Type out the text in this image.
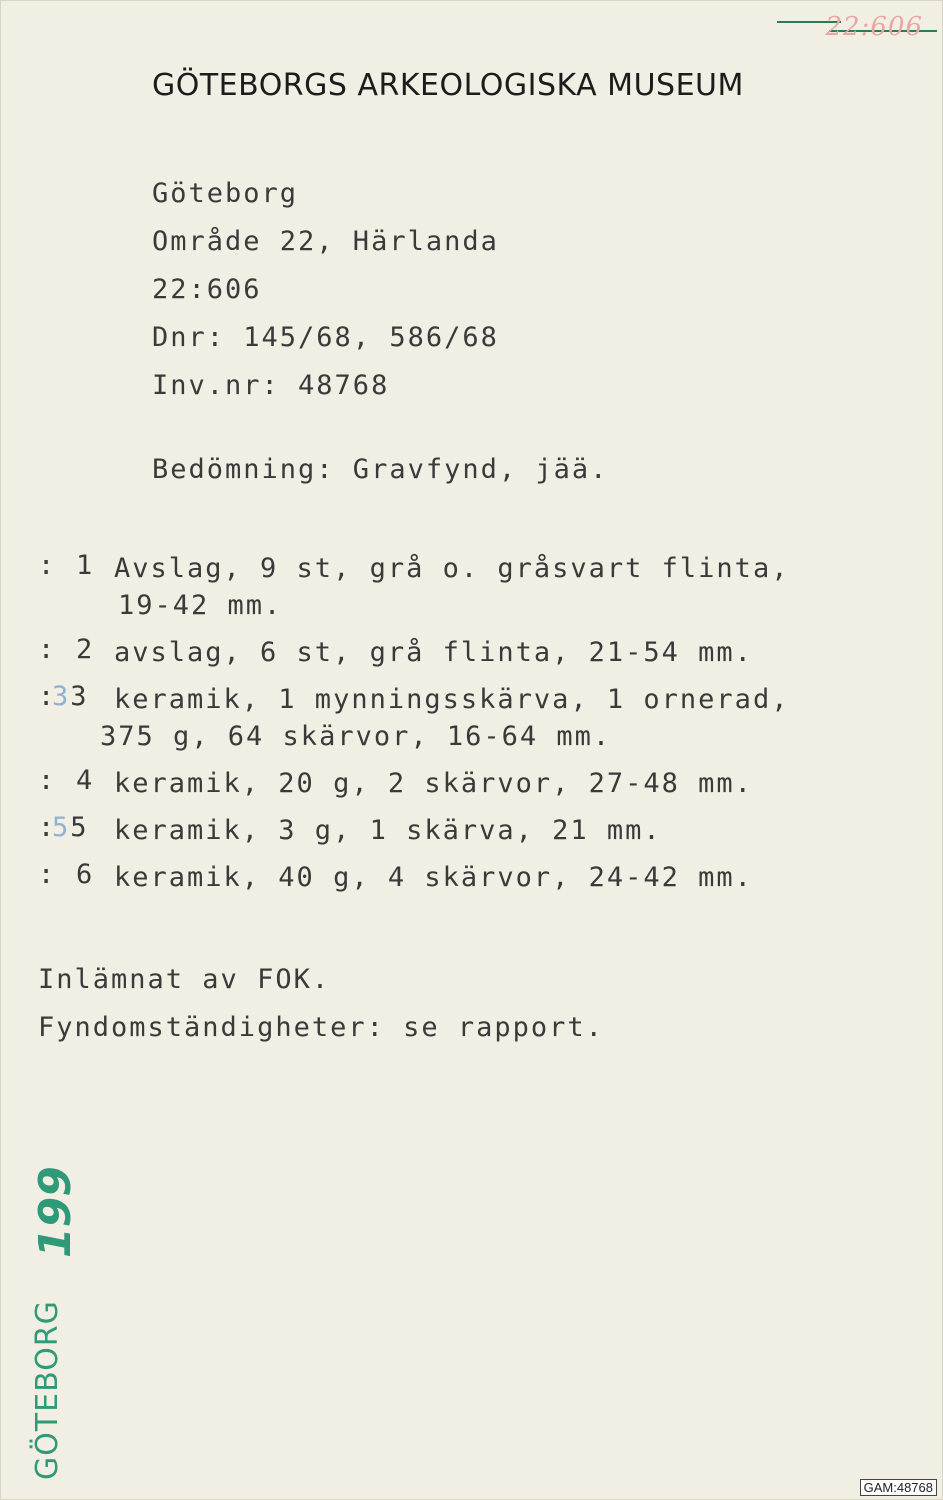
22:606
GÖTEBORGS ARKEOLOGISKA MUSEUM
Göteborg
Område 22, Härlanda
22:606
Dnr: 145/68, 586/68
Inv.nr: 48768
Bedömning: Gravfynd, jää.

:

1

Avslag, 9 st, grå o. gråsvart flinta,
19-42 mm.

:

2

avslag, 6 st, grå flinta, 21-54 mm.

:

33

keramik, 1 mynningsskärva, 1 ornerad,
375 g, 64 skärvor, 16-64 mm.

:

4

keramik, 20 g, 2 skärvor, 27-48 mm.

:

55

keramik, 3 g, 1 skärva, 21 mm.

:

6

keramik, 40 g, 4 skärvor, 24-42 mm.

Inlämnat av FOK.
Fyndomständigheter: se rapport.
199
GÖTEBORG
GAM:48768
